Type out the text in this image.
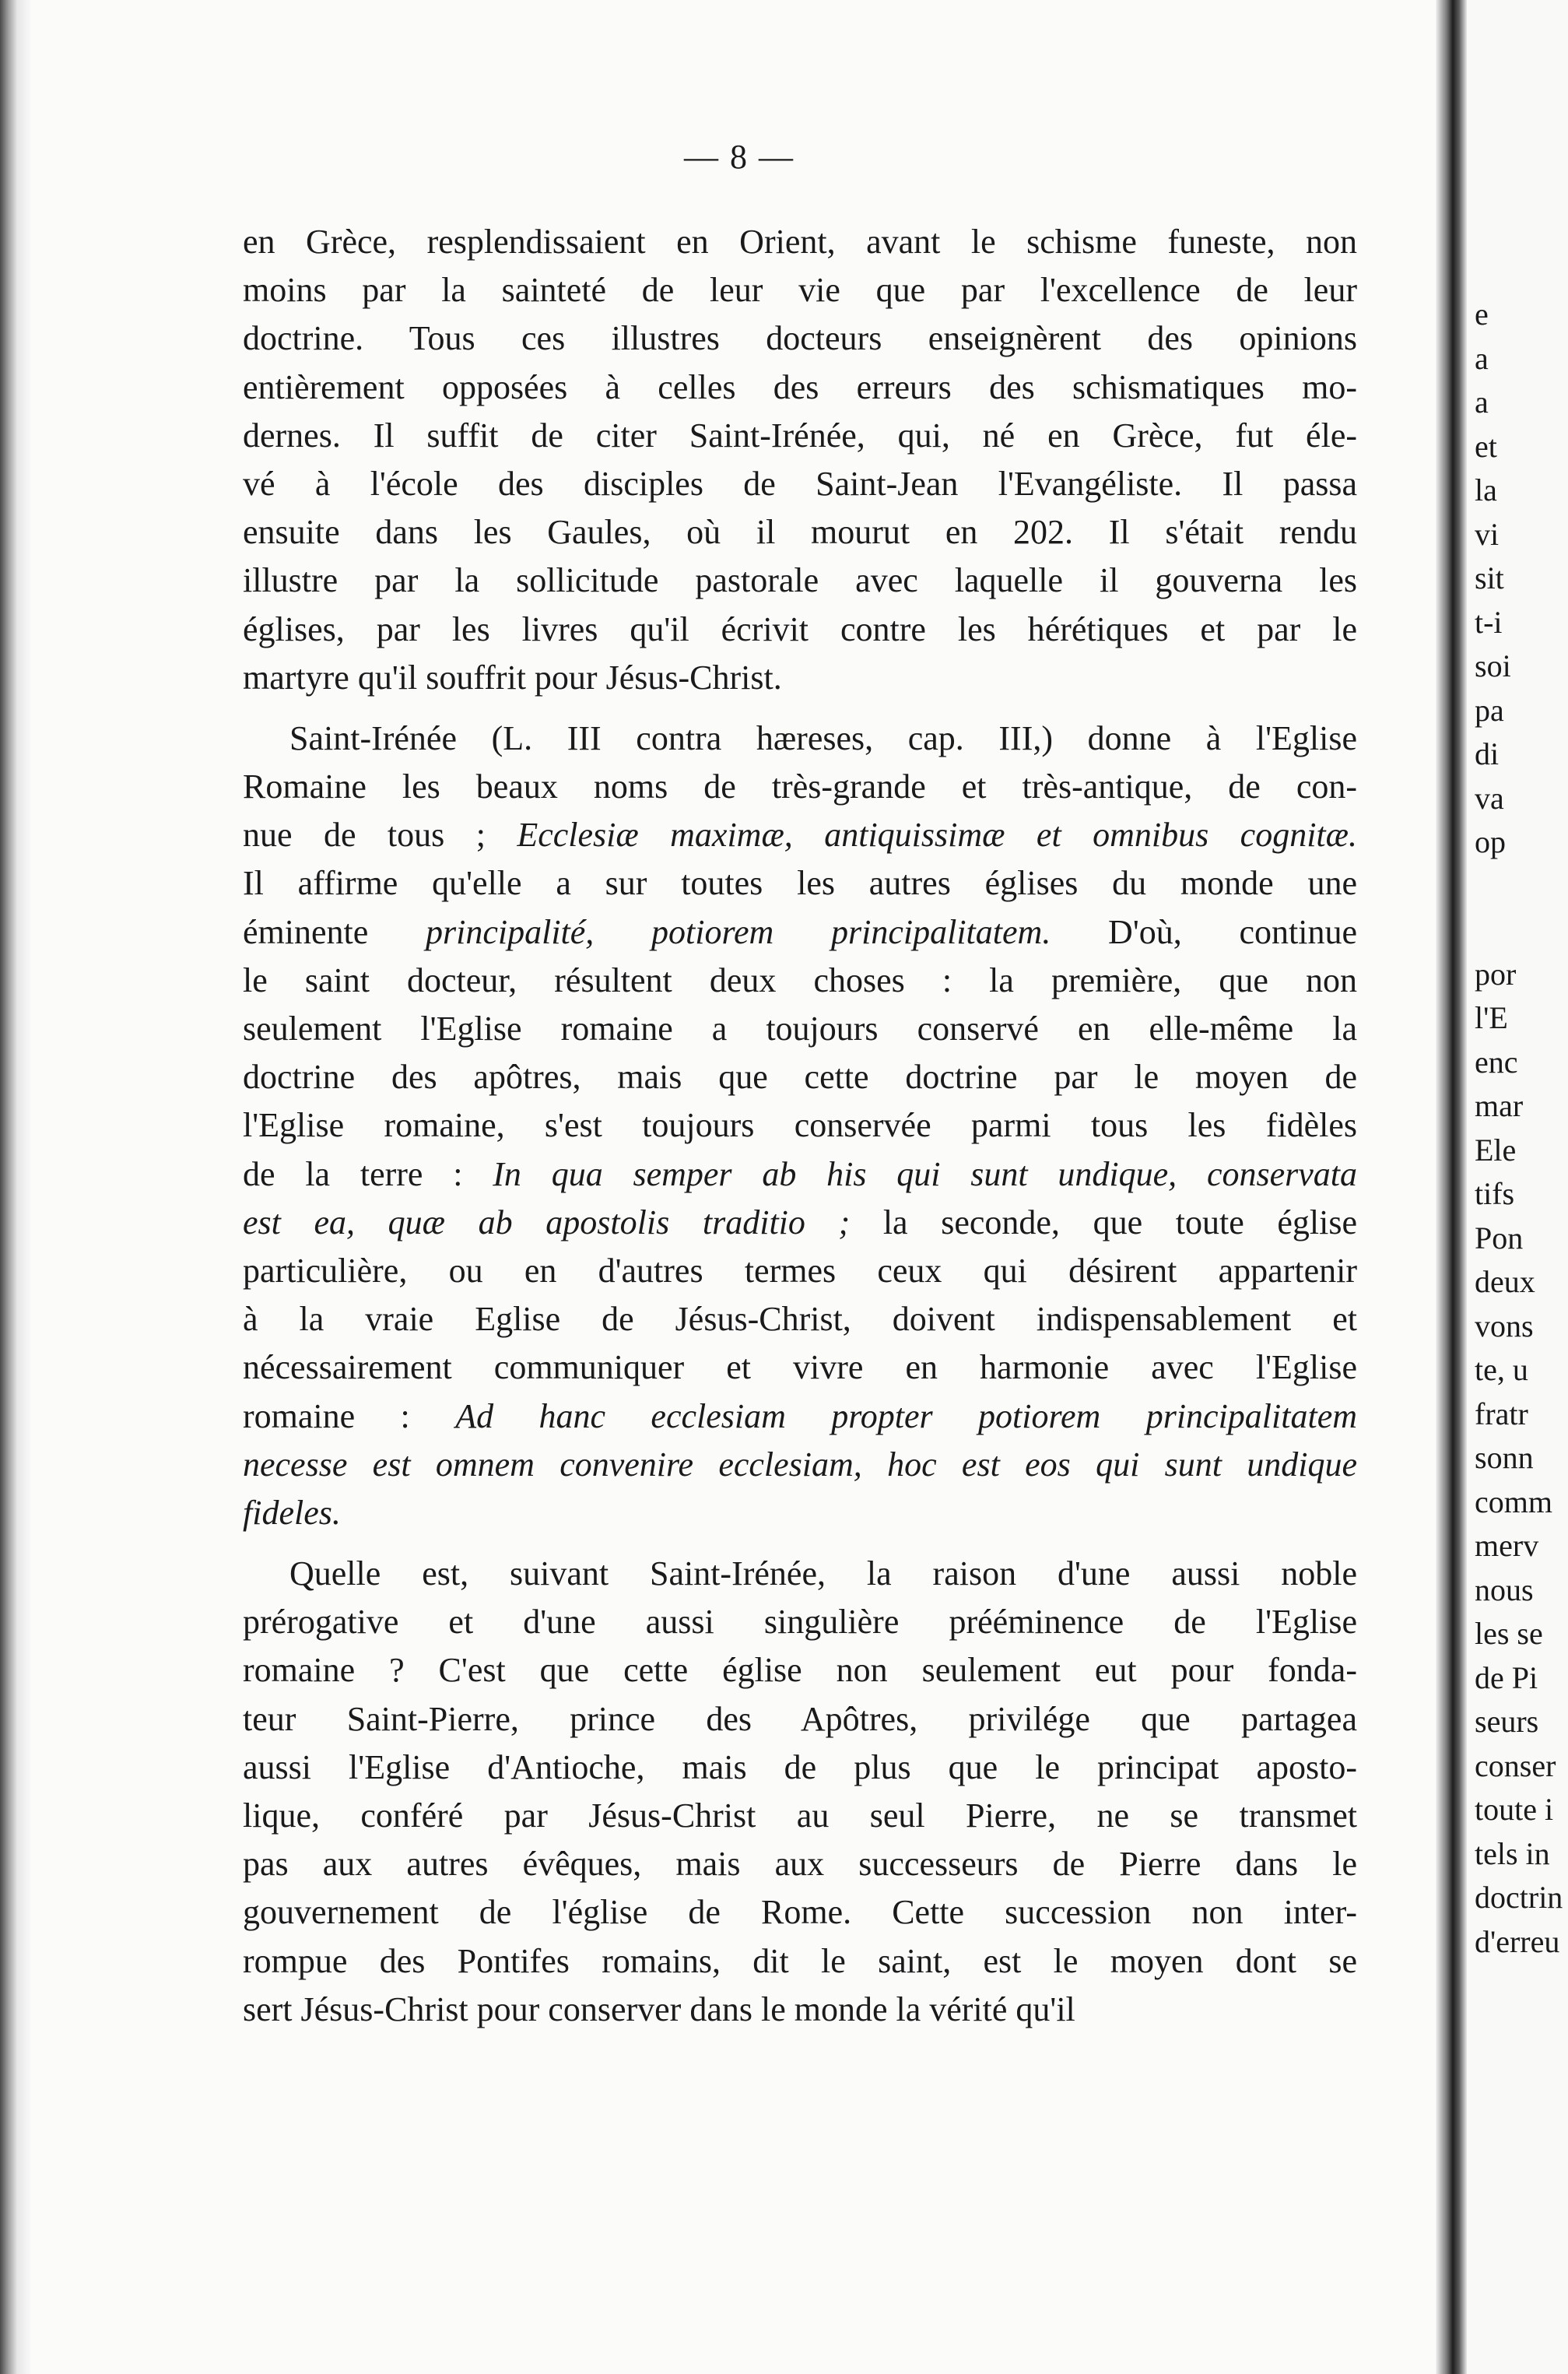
— 8 —
en Grèce, resplendissaient en Orient, avant le schisme funeste, non
moins par la sainteté de leur vie que par l'excellence de leur
doctrine. Tous ces illustres docteurs enseignèrent des opinions
entièrement opposées à celles des erreurs des schismatiques mo-
dernes. Il suffit de citer Saint-Irénée, qui, né en Grèce, fut éle-
vé à l'école des disciples de Saint-Jean l'Evangéliste. Il passa
ensuite dans les Gaules, où il mourut en 202. Il s'était rendu
illustre par la sollicitude pastorale avec laquelle il gouverna les
églises, par les livres qu'il écrivit contre les hérétiques et par le
martyre qu'il souffrit pour Jésus-Christ.
Saint-Irénée (L. III contra hæreses, cap. III,) donne à l'Eglise
Romaine les beaux noms de très-grande et très-antique, de con-
nue de tous ; Ecclesiæ maximæ, antiquissimæ et omnibus cognitæ.
Il affirme qu'elle a sur toutes les autres églises du monde une
éminente principalité, potiorem principalitatem. D'où, continue
le saint docteur, résultent deux choses : la première, que non
seulement l'Eglise romaine a toujours conservé en elle-même la
doctrine des apôtres, mais que cette doctrine par le moyen de
l'Eglise romaine, s'est toujours conservée parmi tous les fidèles
de la terre : In qua semper ab his qui sunt undique, conservata
est ea, quæ ab apostolis traditio ; la seconde, que toute église
particulière, ou en d'autres termes ceux qui désirent appartenir
à la vraie Eglise de Jésus-Christ, doivent indispensablement et
nécessairement communiquer et vivre en harmonie avec l'Eglise
romaine : Ad hanc ecclesiam propter potiorem principalitatem
necesse est omnem convenire ecclesiam, hoc est eos qui sunt undique
fideles.
Quelle est, suivant Saint-Irénée, la raison d'une aussi noble
prérogative et d'une aussi singulière prééminence de l'Eglise
romaine ? C'est que cette église non seulement eut pour fonda-
teur Saint-Pierre, prince des Apôtres, privilége que partagea
aussi l'Eglise d'Antioche, mais de plus que le principat aposto-
lique, conféré par Jésus-Christ au seul Pierre, ne se transmet
pas aux autres évêques, mais aux successeurs de Pierre dans le
gouvernement de l'église de Rome. Cette succession non inter-
rompue des Pontifes romains, dit le saint, est le moyen dont se
sert Jésus-Christ pour conserver dans le monde la vérité qu'il
e
a
a
et
la
vi
sit
t-i
soi
pa
di
va
op
por
l'E
enc
mar
Ele
tifs
Pon
deux
vons
te, u
fratr
sonn
comm
merv
nous
les se
de Pi
seurs
conser
toute i
tels in
doctrin
d'erreu
